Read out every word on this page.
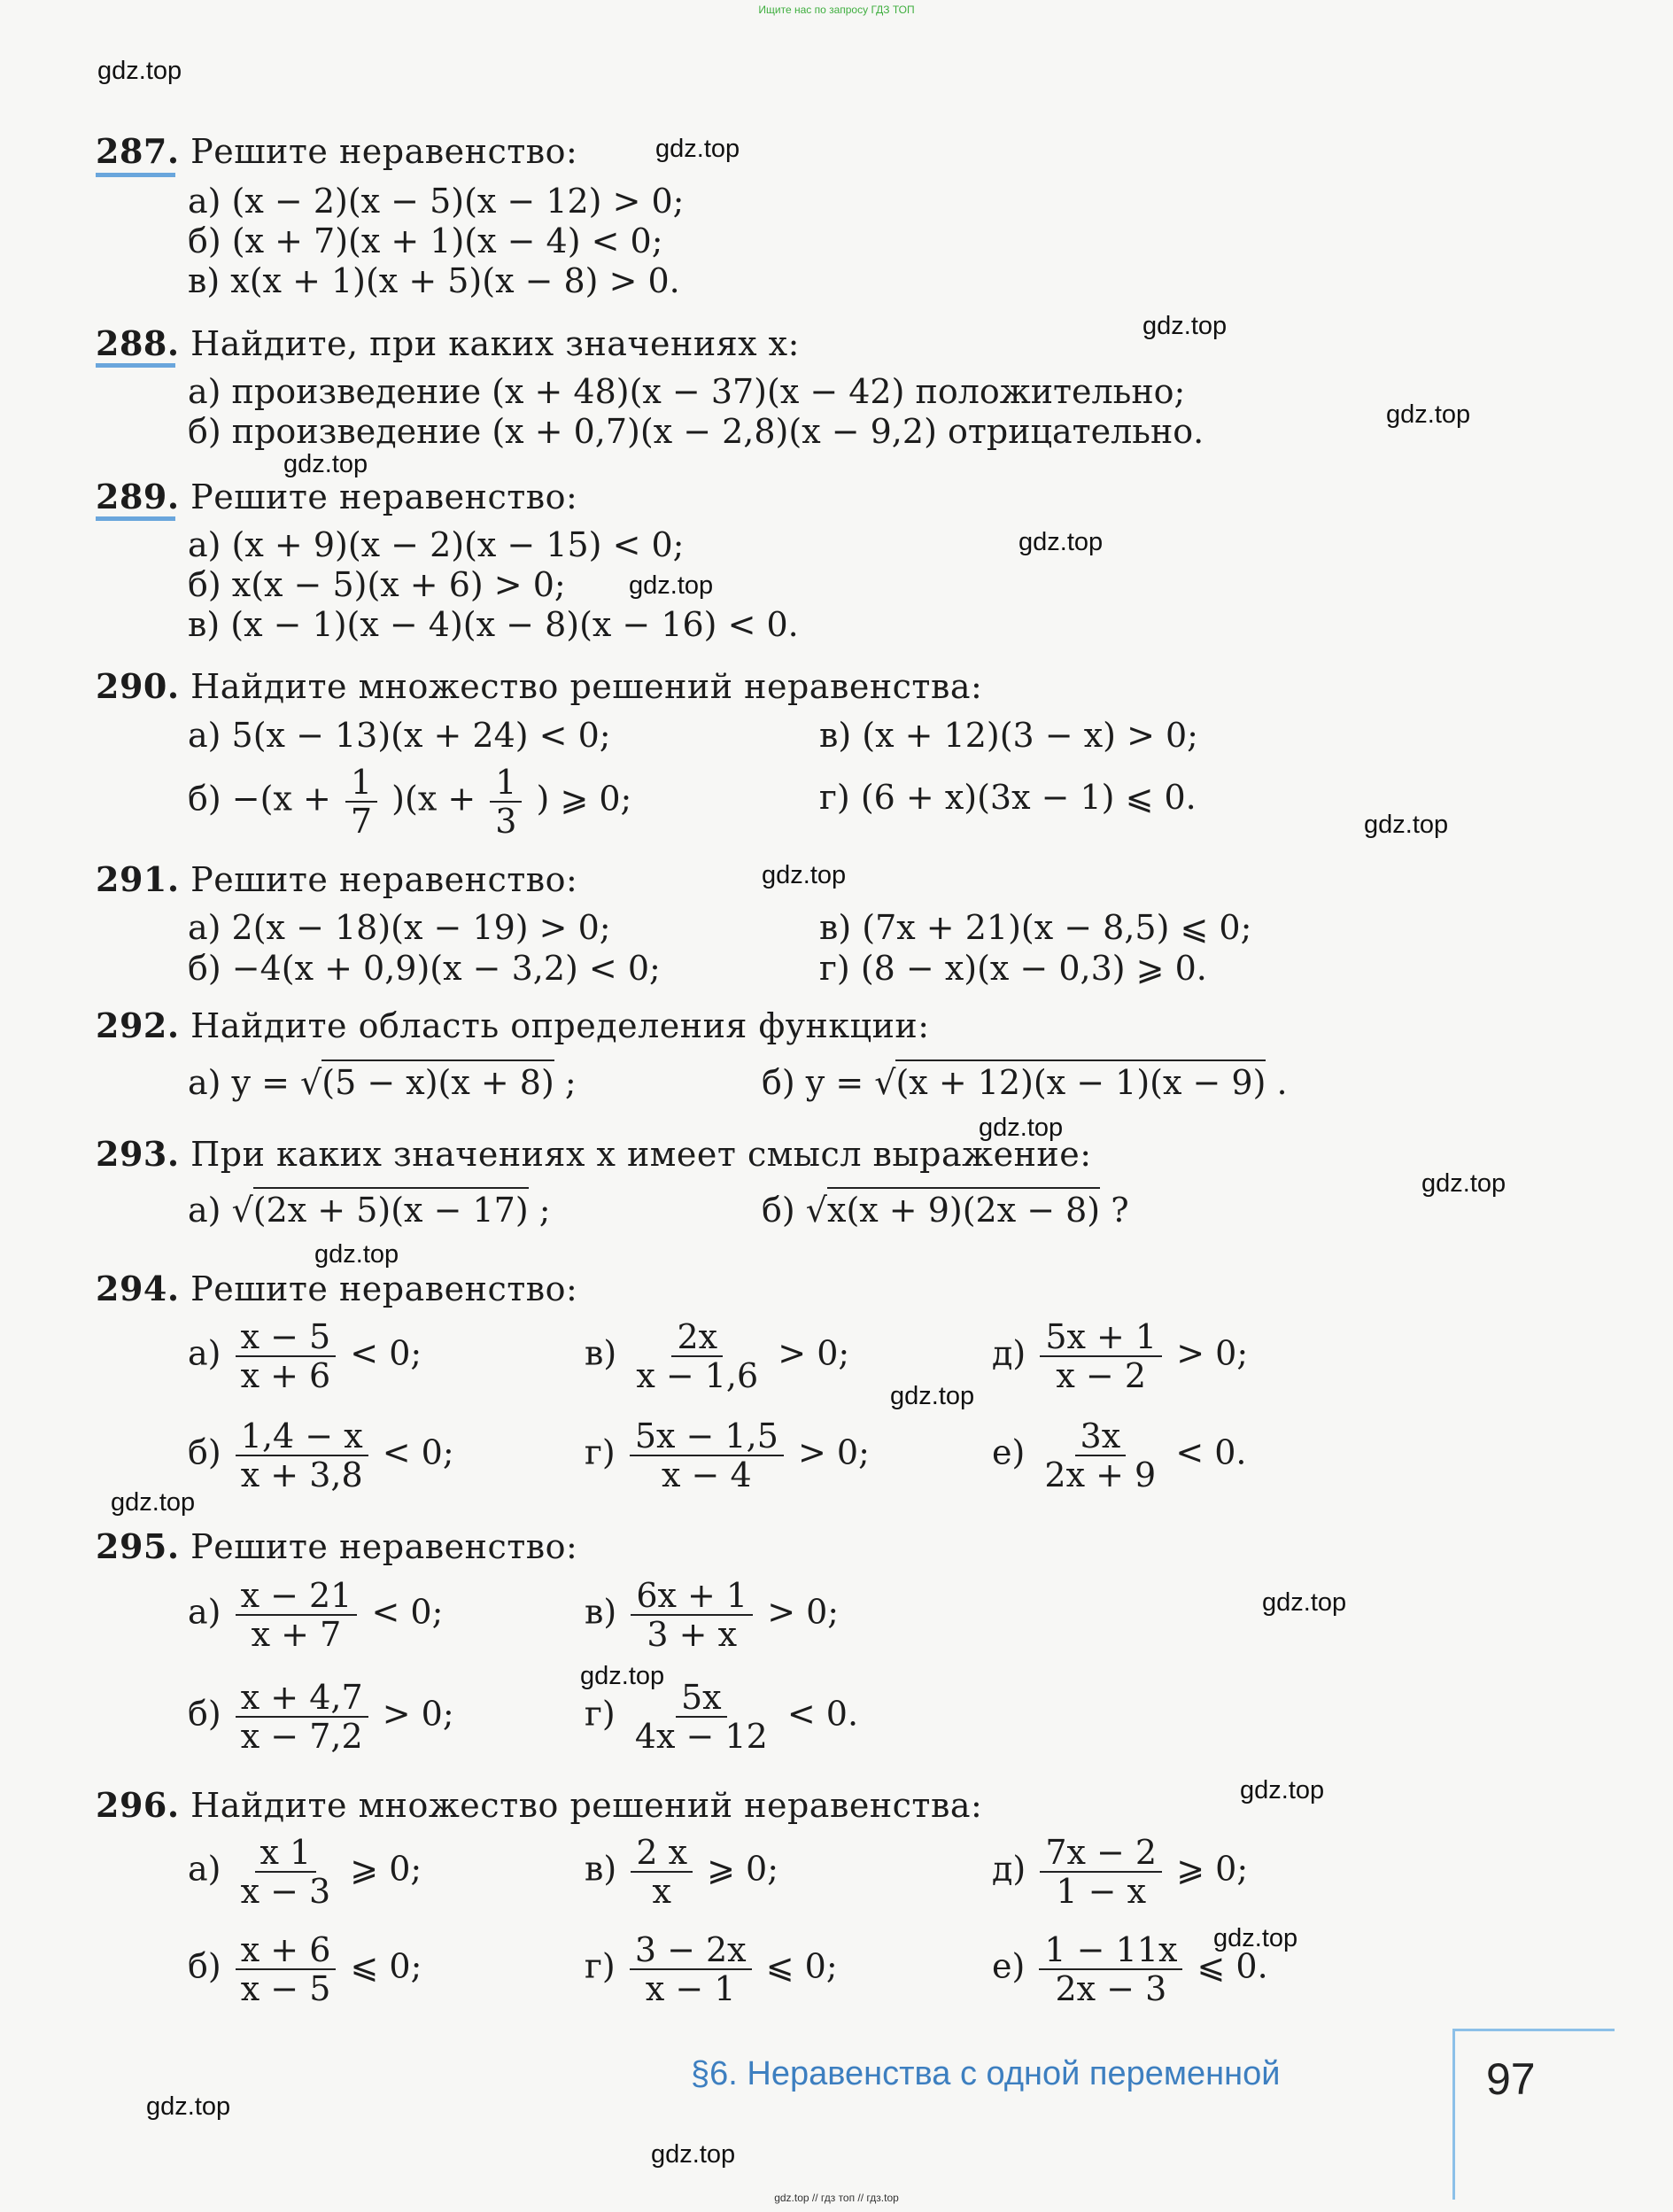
Ищите нас по запросу ГДЗ ТОП
gdz.top
gdz.top
gdz.top
gdz.top
gdz.top
gdz.top
gdz.top
gdz.top
gdz.top
gdz.top
gdz.top
gdz.top
gdz.top
gdz.top
gdz.top
gdz.top
gdz.top
gdz.top
gdz.top
gdz.top
287. Решите неравенство:
а) (x − 2)(x − 5)(x − 12) > 0;
б) (x + 7)(x + 1)(x − 4) < 0;
в) x(x + 1)(x + 5)(x − 8) > 0.
288. Найдите, при каких значениях x:
а) произведение (x + 48)(x − 37)(x − 42) положительно;
б) произведение (x + 0,7)(x − 2,8)(x − 9,2) отрицательно.
289. Решите неравенство:
а) (x + 9)(x − 2)(x − 15) < 0;
б) x(x − 5)(x + 6) > 0;
в) (x − 1)(x − 4)(x − 8)(x − 16) < 0.
290. Найдите множество решений неравенства:
а) 5(x − 13)(x + 24) < 0;	в) (x + 12)(3 − x) > 0;
$б) -(x + \frac{1}{7} )(x + \frac{1}{3}$ ) ⩾ 0;	г) (6 + x)(3x − 1) ⩽ 0.
291. Решите неравенство:
а) 2(x − 18)(x − 19) > 0;	в) (7x + 21)(x − 8,5) ⩽ 0;
б) −4(x + 0,9)(x − 3,2) < 0;	г) (8 − x)(x − 0,3) ⩾ 0.
292. Найдите область определения функции:
а) y = √(5 − x)(x + 8) ;	б) y = √(x + 12)(x − 1)(x − 9) .
293. При каких значениях x имеет смысл выражение:
а) √(2x + 5)(x − 17) ;	б) √x(x + 9)(2x − 8) ?
294. Решите неравенство:
$а) \frac{x - 5}{x + 6} < 0$;	$в) \frac{2x}{x - 1,6} > 0$;	$д) \frac{5x + 1}{x - 2} > 0$;
$б) \frac{1,4 - x}{x + 3,8} < 0$;	$г) \frac{5x - 1,5}{x - 4} > 0$;	$е) \frac{3x}{2x + 9} < 0$.
295. Решите неравенство:
$а) \frac{x - 21}{x + 7} < 0$;	$в) \frac{6x + 1}{3 + x} > 0$;
$б) \frac{x + 4,7}{x - 7,2} > 0$;	$г) \frac{5x}{4x - 12} < 0$.
296. Найдите множество решений неравенства:
$а) \frac{x 1}{x - 3}$ ⩾ 0;	$в) \frac{2 x}{x}$ ⩾ 0;	$д) \frac{7x - 2}{1 - x}$ ⩾ 0;
$б) \frac{x + 6}{x - 5}$ ⩽ 0;	$г) \frac{3 - 2x}{x - 1}$ ⩽ 0;	$е) \frac{1 - 11x}{2x - 3}$ ⩽ 0.
§6. Неравенства с одной переменной	97
gdz.top // гдз топ // гдз.top
